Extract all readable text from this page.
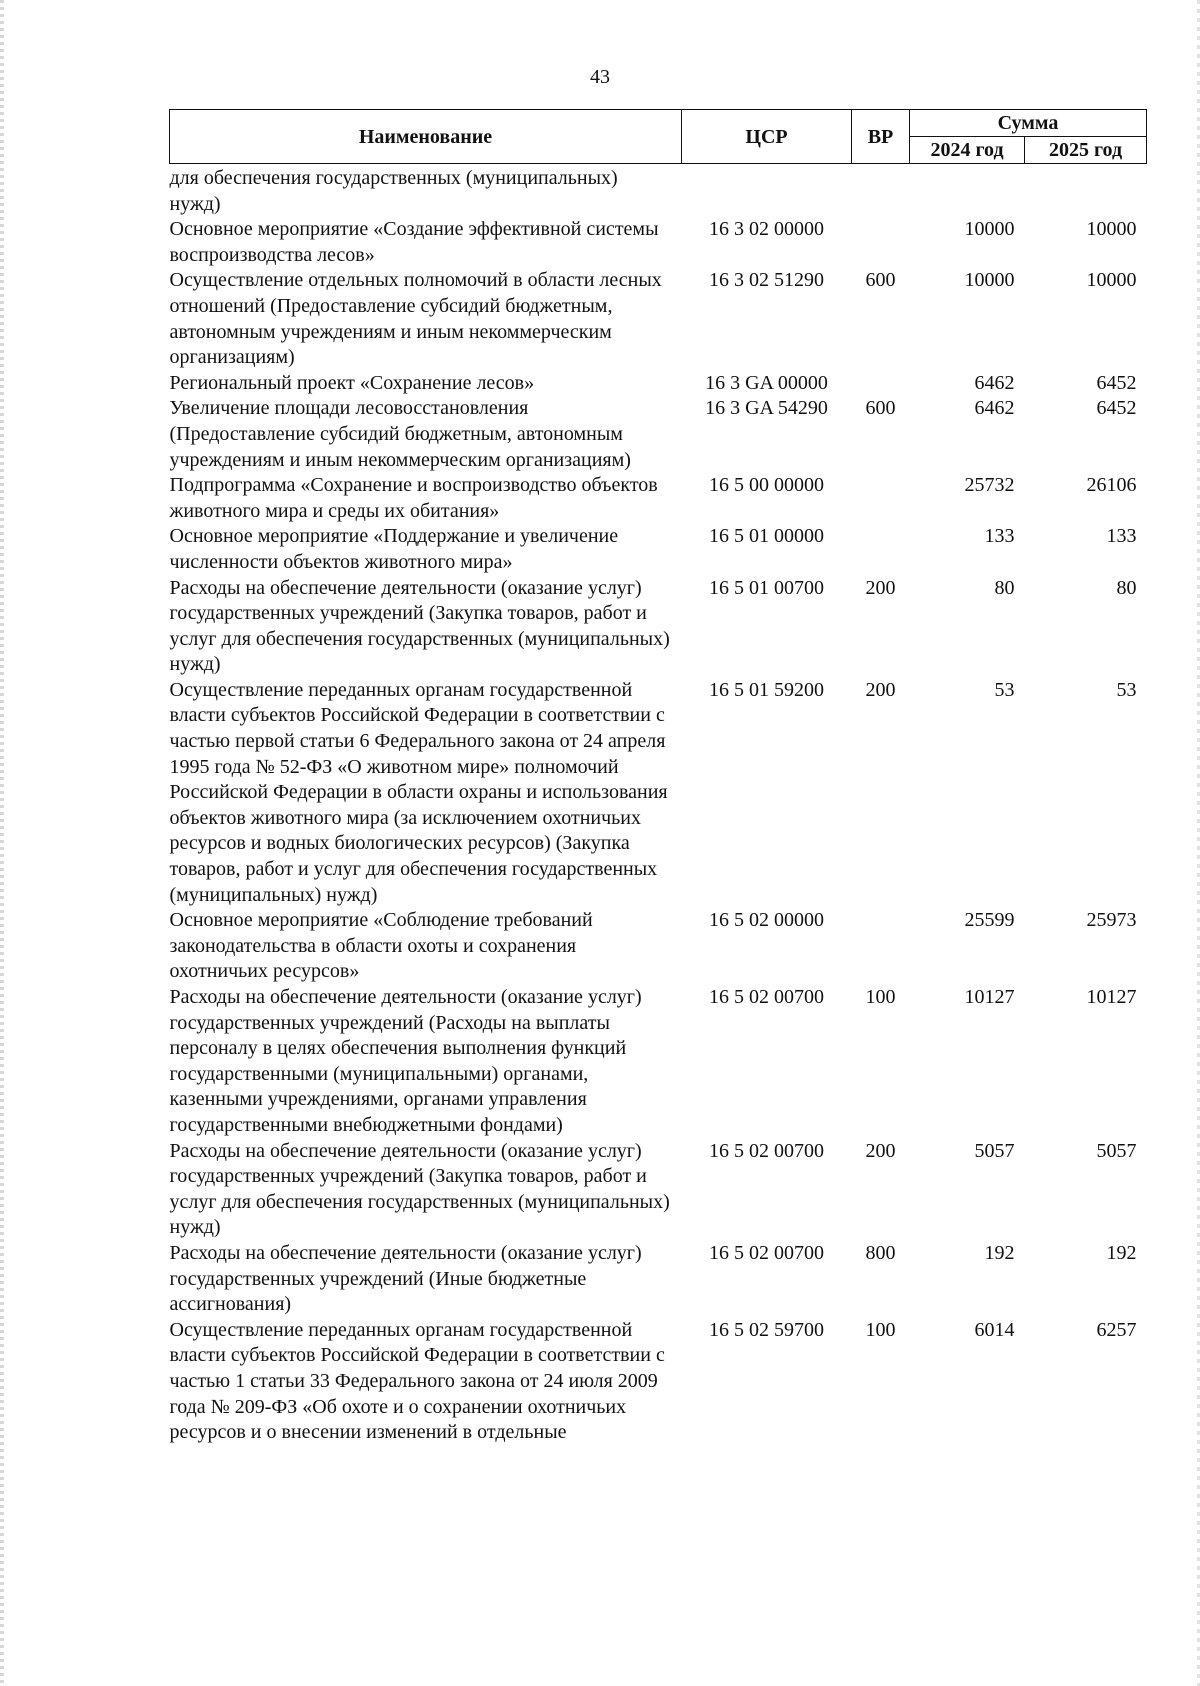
43
Наименование	ЦСР	ВР	Сумма	
			2024 год	2025 год
для обеспечения государственных (муниципальных) нужд)				
Основное мероприятие «Создание эффективной системы воспроизводства лесов»	16 3 02 00000		10000	10000
Осуществление отдельных полномочий в области лесных отношений (Предоставление субсидий бюджетным, автономным учреждениям и иным некоммерческим организациям)	16 3 02 51290	600	10000	10000
Региональный проект «Сохранение лесов»	16 3 GA 00000		6462	6452
Увеличение площади лесовосстановления (Предоставление субсидий бюджетным, автономным учреждениям и иным некоммерческим организациям)	16 3 GA 54290	600	6462	6452
Подпрограмма «Сохранение и воспроизводство объектов животного мира и среды их обитания»	16 5 00 00000		25732	26106
Основное мероприятие «Поддержание и увеличение численности объектов животного мира»	16 5 01 00000		133	133
Расходы на обеспечение деятельности (оказание услуг) государственных учреждений (Закупка товаров, работ и услуг для обеспечения государственных (муниципальных) нужд)	16 5 01 00700	200	80	80
Осуществление переданных органам государственной власти субъектов Российской Федерации в соответствии с частью первой статьи 6 Федерального закона от 24 апреля 1995 года № 52-ФЗ «О животном мире» полномочий Российской Федерации в области охраны и использования объектов животного мира (за исключением охотничьих ресурсов и водных биологических ресурсов) (Закупка товаров, работ и услуг для обеспечения государственных (муниципальных) нужд)	16 5 01 59200	200	53	53
Основное мероприятие «Соблюдение требований законодательства в области охоты и сохранения охотничьих ресурсов»	16 5 02 00000		25599	25973
Расходы на обеспечение деятельности (оказание услуг) государственных учреждений (Расходы на выплаты персоналу в целях обеспечения выполнения функций государственными (муниципальными) органами, казенными учреждениями, органами управления государственными внебюджетными фондами)	16 5 02 00700	100	10127	10127
Расходы на обеспечение деятельности (оказание услуг) государственных учреждений (Закупка товаров, работ и услуг для обеспечения государственных (муниципальных) нужд)	16 5 02 00700	200	5057	5057
Расходы на обеспечение деятельности (оказание услуг) государственных учреждений (Иные бюджетные ассигнования)	16 5 02 00700	800	192	192
Осуществление переданных органам государственной власти субъектов Российской Федерации в соответствии с частью 1 статьи 33 Федерального закона от 24 июля 2009 года № 209-ФЗ «Об охоте и о сохранении охотничьих ресурсов и о внесении изменений в отдельные	16 5 02 59700	100	6014	6257
